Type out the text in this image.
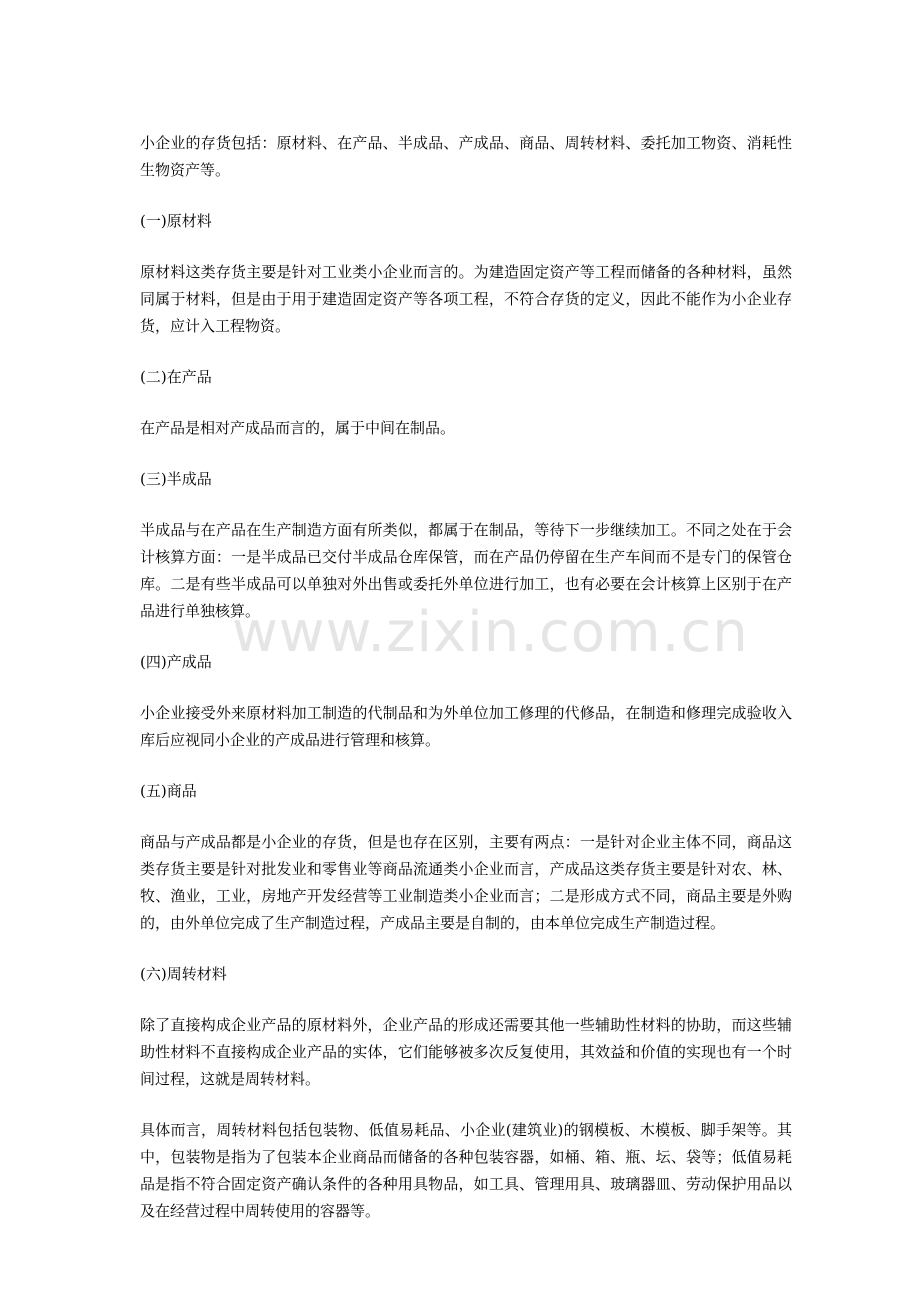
小企业的存货包括：原材料、在产品、半成品、产成品、商品、周转材料、委托加工物资、消耗性生物资产等。

(一)原材料

原材料这类存货主要是针对工业类小企业而言的。为建造固定资产等工程而储备的各种材料，虽然同属于材料，但是由于用于建造固定资产等各项工程，不符合存货的定义，因此不能作为小企业存货，应计入工程物资。

(二)在产品

在产品是相对产成品而言的，属于中间在制品。

(三)半成品

半成品与在产品在生产制造方面有所类似，都属于在制品，等待下一步继续加工。不同之处在于会计核算方面：一是半成品已交付半成品仓库保管，而在产品仍停留在生产车间而不是专门的保管仓库。二是有些半成品可以单独对外出售或委托外单位进行加工，也有必要在会计核算上区别于在产品进行单独核算。

(四)产成品

小企业接受外来原材料加工制造的代制品和为外单位加工修理的代修品，在制造和修理完成验收入库后应视同小企业的产成品进行管理和核算。

(五)商品

商品与产成品都是小企业的存货，但是也存在区别，主要有两点：一是针对企业主体不同，商品这类存货主要是针对批发业和零售业等商品流通类小企业而言，产成品这类存货主要是针对农、林、牧、渔业，工业，房地产开发经营等工业制造类小企业而言；二是形成方式不同，商品主要是外购的，由外单位完成了生产制造过程，产成品主要是自制的，由本单位完成生产制造过程。

(六)周转材料

除了直接构成企业产品的原材料外，企业产品的形成还需要其他一些辅助性材料的协助，而这些辅助性材料不直接构成企业产品的实体，它们能够被多次反复使用，其效益和价值的实现也有一个时间过程，这就是周转材料。

具体而言，周转材料包括包装物、低值易耗品、小企业(建筑业)的钢模板、木模板、脚手架等。其中，包装物是指为了包装本企业商品而储备的各种包装容器，如桶、箱、瓶、坛、袋等；低值易耗品是指不符合固定资产确认条件的各种用具物品，如工具、管理用具、玻璃器皿、劳动保护用品以及在经营过程中周转使用的容器等。

www.zixin.com.cn
